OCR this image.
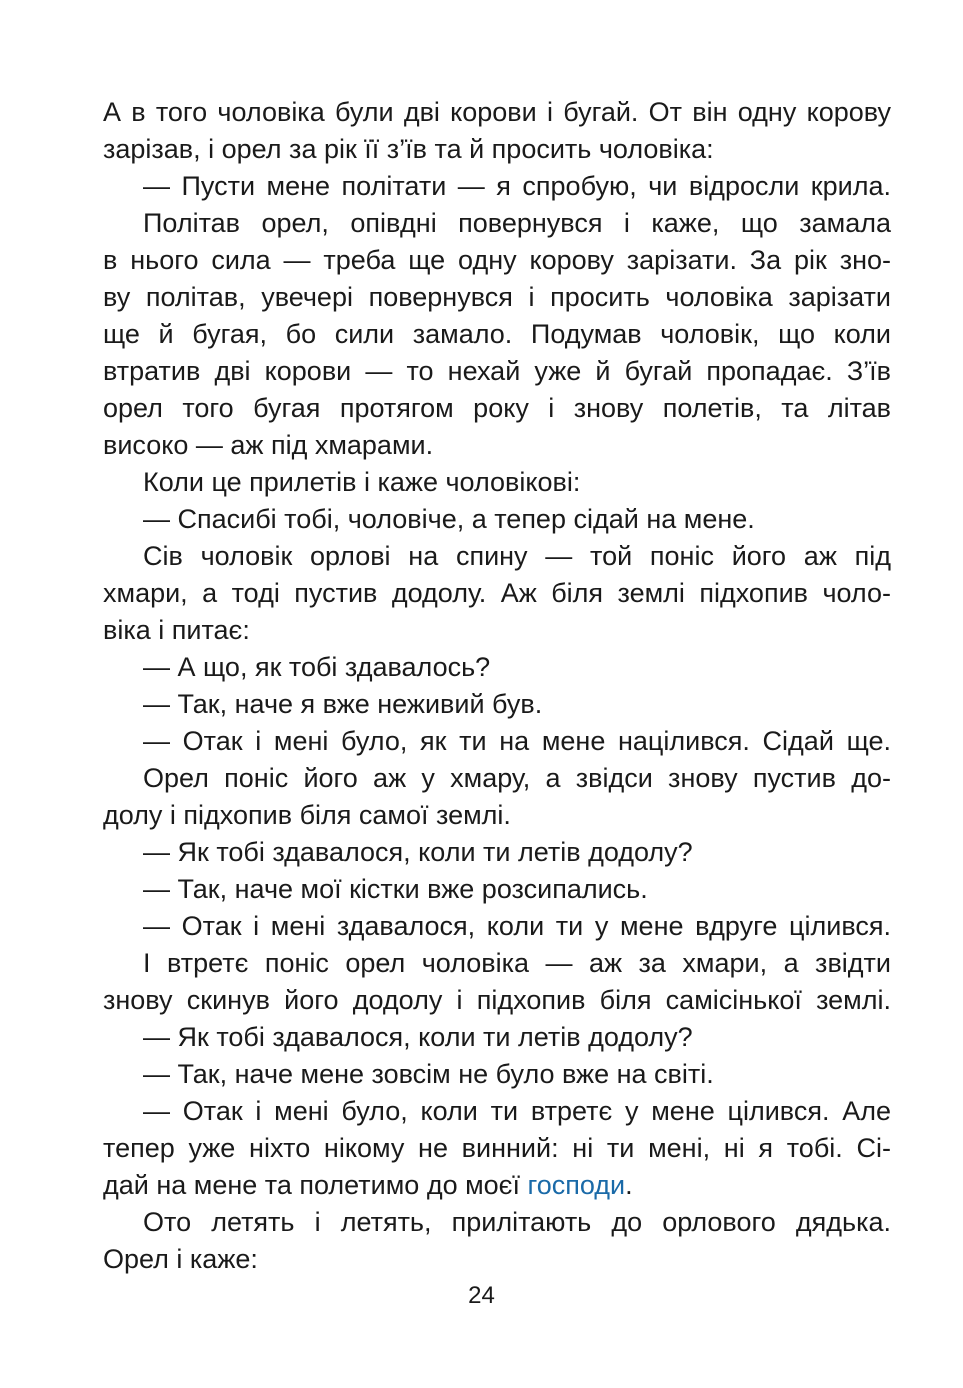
А в того чоловіка були дві корови і бугай. От він одну корову
зарізав, і орел за рік її з’їв та й просить чоловіка:
— Пусти мене політати — я спробую, чи відросли крила.
Політав орел, опівдні повернувся і каже, що замала
в нього сила — треба ще одну корову зарізати. За рік зно-
ву політав, увечері повернувся і просить чоловіка зарізати
ще й бугая, бо сили замало. Подумав чоловік, що коли
втратив дві корови — то нехай уже й бугай пропадає. З’їв
орел того бугая протягом року і знову полетів, та літав
високо — аж під хмарами.
Коли це прилетів і каже чоловікові:
— Спасибі тобі, чоловіче, а тепер сідай на мене.
Сів чоловік орлові на спину — той поніс його аж під
хмари, а тоді пустив додолу. Аж біля землі підхопив чоло-
віка і питає:
— А що, як тобі здавалось?
— Так, наче я вже неживий був.
— Отак і мені було, як ти на мене націлився. Сідай ще.
Орел поніс його аж у хмару, а звідси знову пустив до-
долу і підхопив біля самої землі.
— Як тобі здавалося, коли ти летів додолу?
— Так, наче мої кістки вже розсипались.
— Отак і мені здавалося, коли ти у мене вдруге цілився.
І втретє поніс орел чоловіка — аж за хмари, а звідти
знову скинув його додолу і підхопив біля самісінької землі.
— Як тобі здавалося, коли ти летів додолу?
— Так, наче мене зовсім не було вже на світі.
— Отак і мені було, коли ти втретє у мене цілився. Але
тепер уже ніхто нікому не винний: ні ти мені, ні я тобі. Сі-
дай на мене та полетимо до моєї господи.
Ото летять і летять, прилітають до орлового дядька.
Орел і каже:
24
